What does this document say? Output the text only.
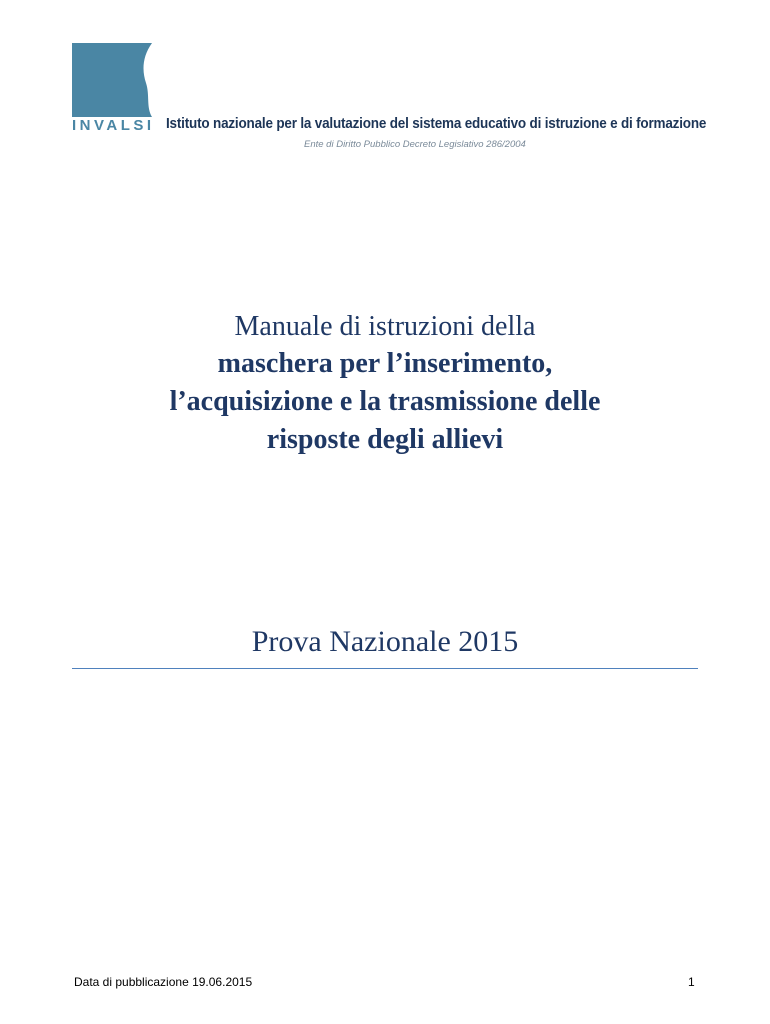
INVALSI Istituto nazionale per la valutazione del sistema educativo di istruzione e di formazione
Ente di Diritto Pubblico Decreto Legislativo 286/2004
Manuale di istruzioni della
maschera per l’inserimento,
l’acquisizione e la trasmissione delle
risposte degli allievi
Prova Nazionale 2015
Data di pubblicazione 19.06.2015	1
